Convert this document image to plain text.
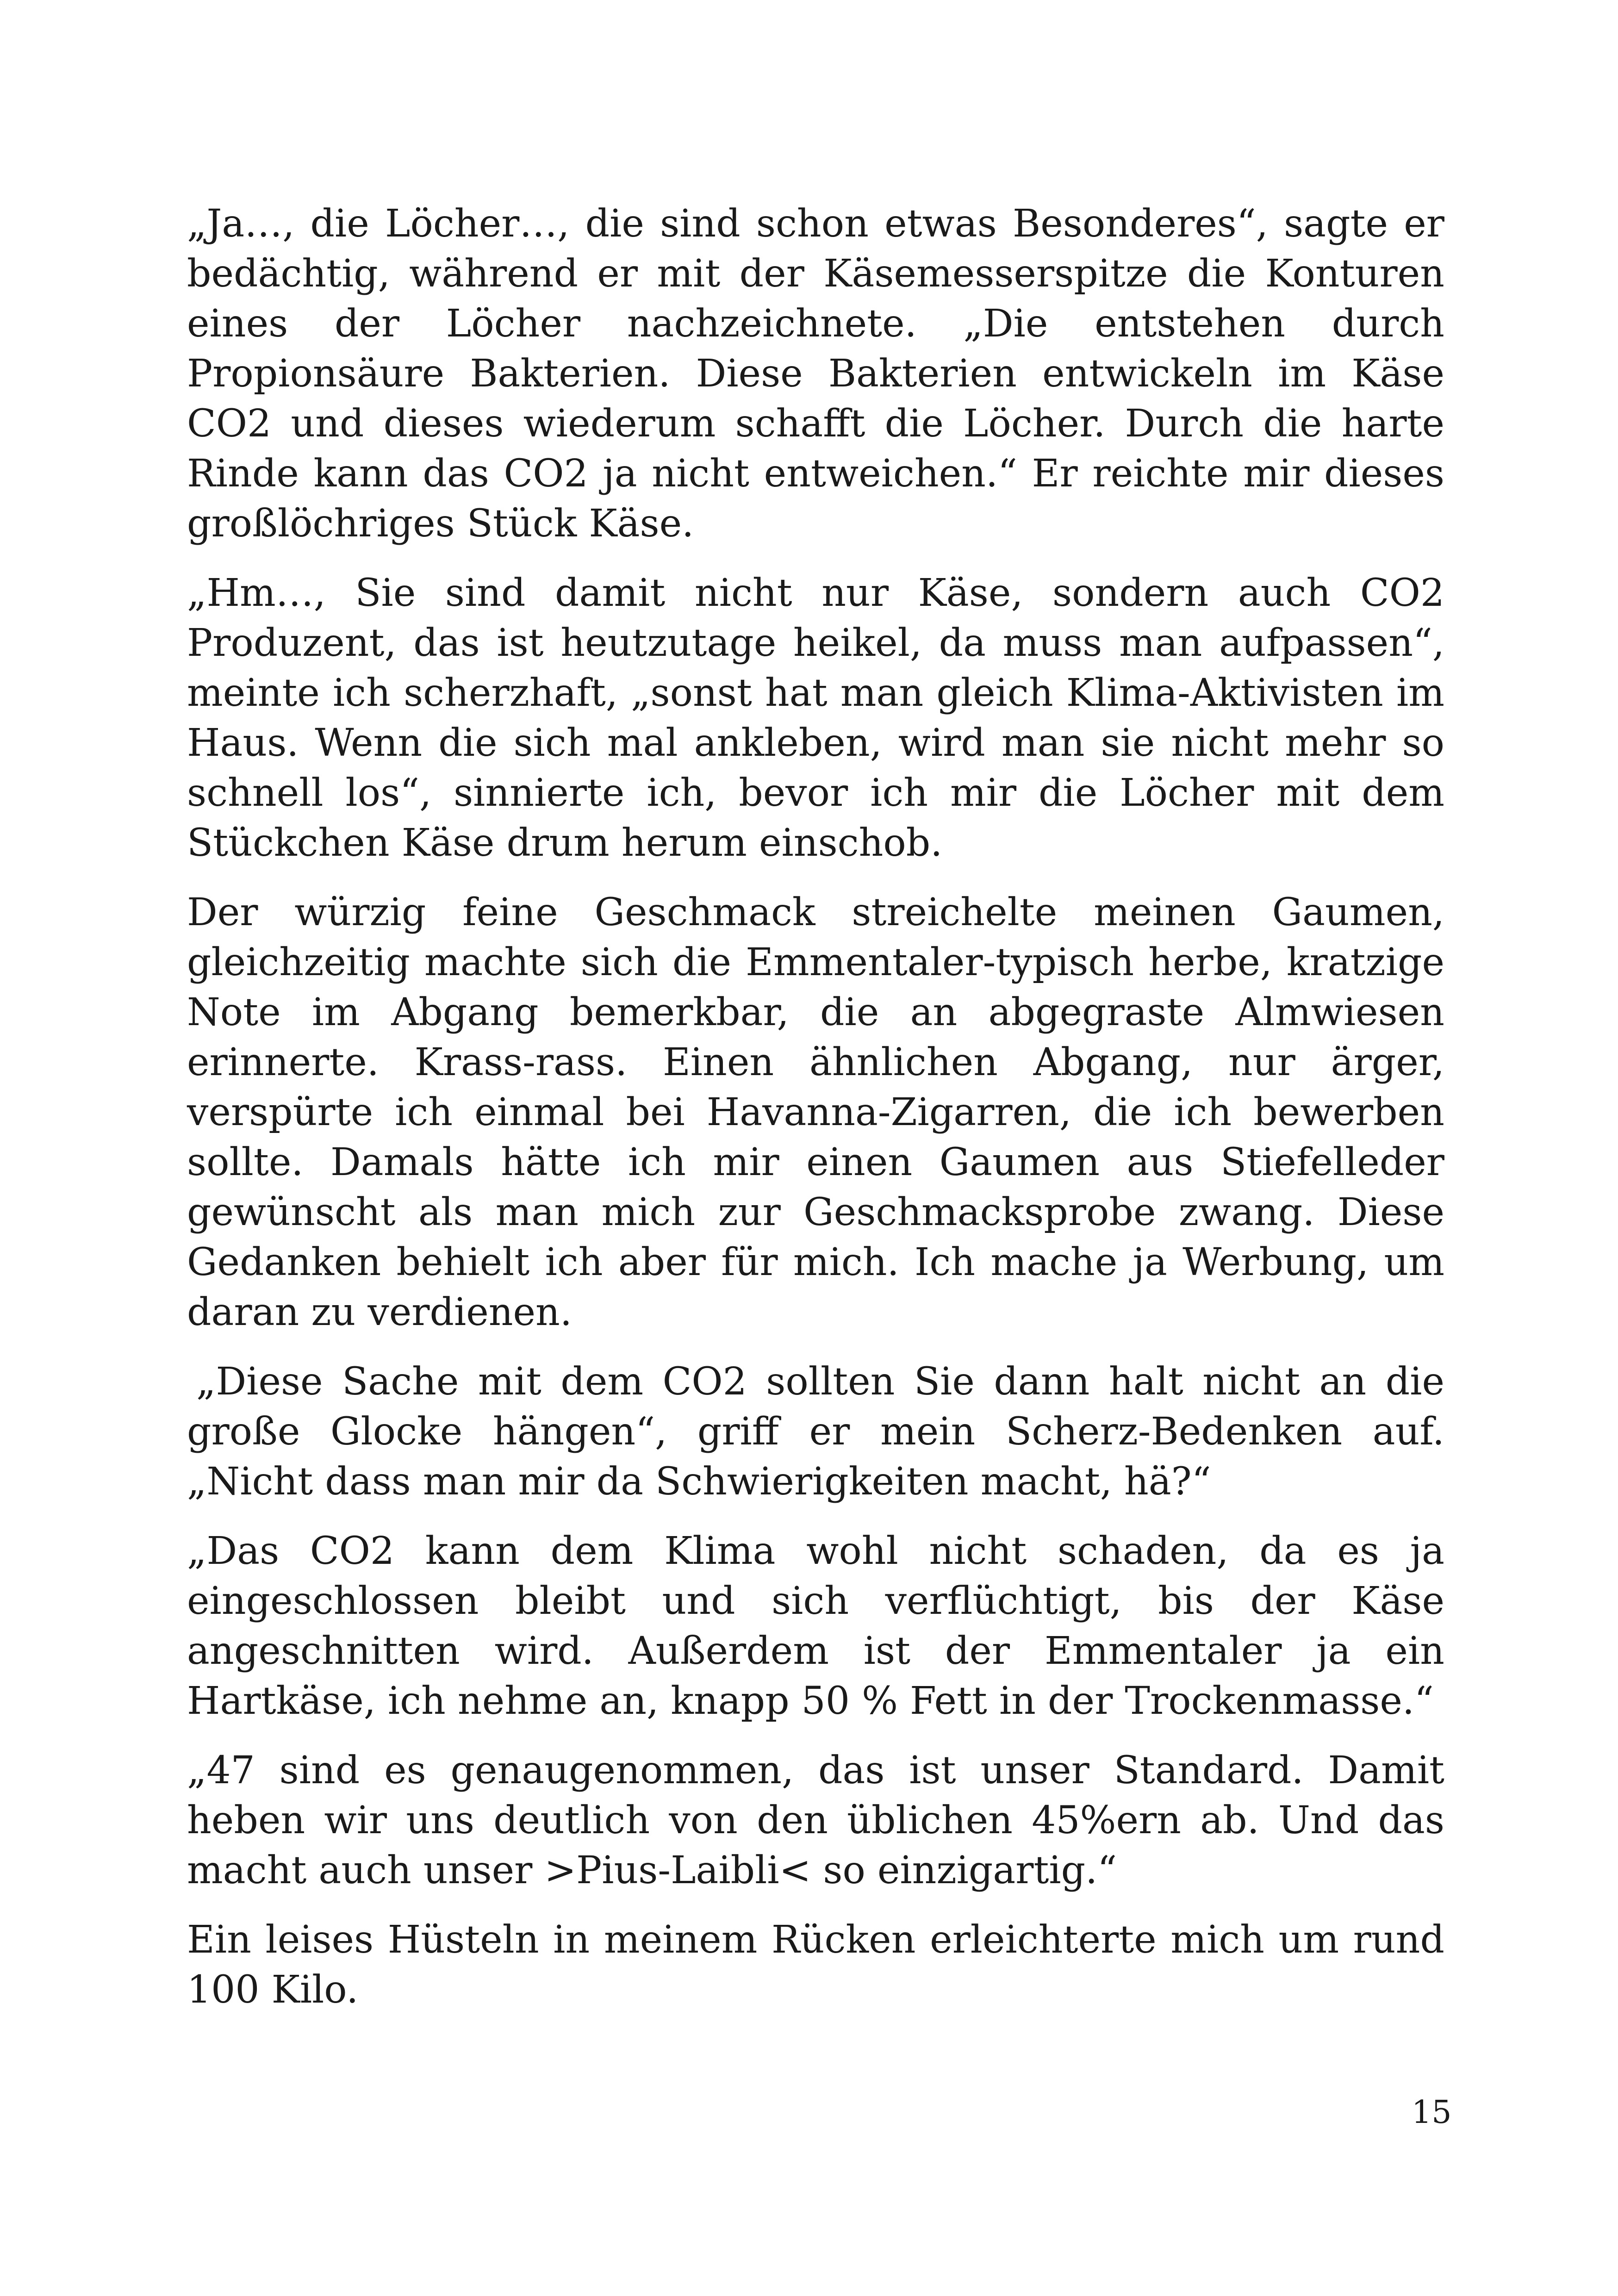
„Ja…, die Löcher…, die sind schon etwas Besonderes“, sagte er bedächtig, während er mit der Käsemesserspitze die Konturen eines der Löcher nachzeichnete. „Die entstehen durch Propionsäure Bakterien. Diese Bakterien entwickeln im Käse CO2 und dieses wiederum schafft die Löcher. Durch die harte Rinde kann das CO2 ja nicht entweichen.“ Er reichte mir dieses großlöchriges Stück Käse.

„Hm…, Sie sind damit nicht nur Käse, sondern auch CO2 Produzent, das ist heutzutage heikel, da muss man aufpassen“, meinte ich scherzhaft, „sonst hat man gleich Klima-Aktivisten im Haus. Wenn die sich mal ankleben, wird man sie nicht mehr so schnell los“, sinnierte ich, bevor ich mir die Löcher mit dem Stückchen Käse drum herum einschob.

Der würzig feine Geschmack streichelte meinen Gaumen, gleichzeitig machte sich die Emmentaler-typisch herbe, kratzige Note im Abgang bemerkbar, die an abgegraste Almwiesen erinnerte. Krass-rass. Einen ähnlichen Abgang, nur ärger, verspürte ich einmal bei Havanna-Zigarren, die ich bewerben sollte. Damals hätte ich mir einen Gaumen aus Stiefelleder gewünscht als man mich zur Geschmacksprobe zwang. Diese Gedanken behielt ich aber für mich. Ich mache ja Werbung, um daran zu verdienen.

„Diese Sache mit dem CO2 sollten Sie dann halt nicht an die große Glocke hängen“, griff er mein Scherz-Bedenken auf. „Nicht dass man mir da Schwierigkeiten macht, hä?“

„Das CO2 kann dem Klima wohl nicht schaden, da es ja eingeschlossen bleibt und sich verflüchtigt, bis der Käse angeschnitten wird. Außerdem ist der Emmentaler ja ein Hartkäse, ich nehme an, knapp 50 % Fett in der Trockenmasse.“

„47 sind es genaugenommen, das ist unser Standard. Damit heben wir uns deutlich von den üblichen 45%ern ab. Und das macht auch unser >Pius-Laibli< so einzigartig.“

Ein leises Hüsteln in meinem Rücken erleichterte mich um rund 100 Kilo.

15
